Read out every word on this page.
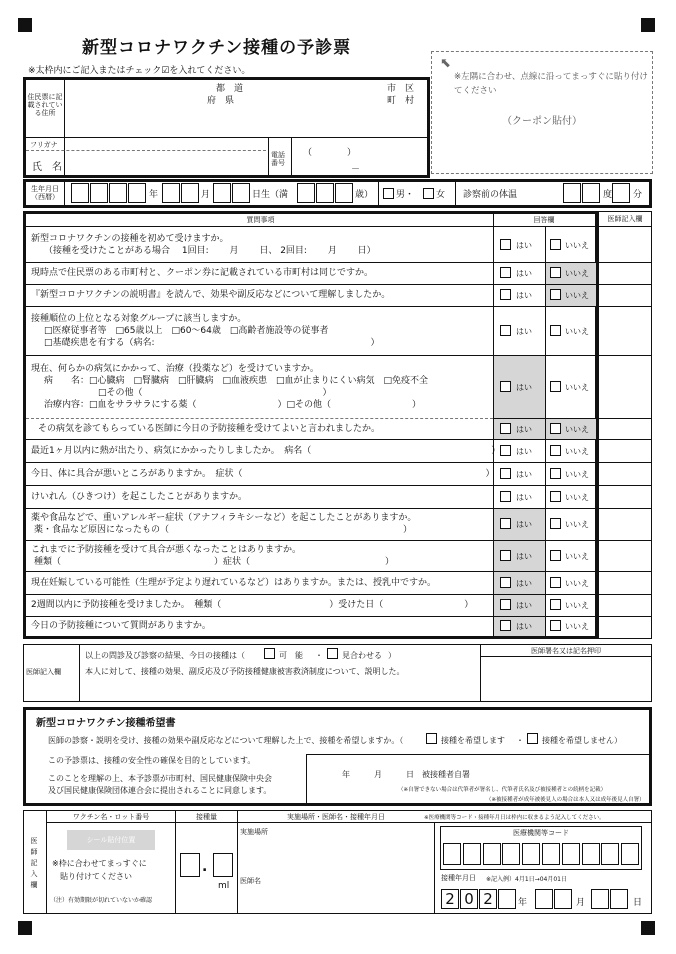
新型コロナワクチン接種の予診票
※太枠内にご記入またはチェック☑を入れてください。	⬉
※左隅に合わせ、点線に沿ってまっすぐに貼り付けてください
（クーポン貼付）
住民票に記載されている住所
都　道
府　県
市　区
町　村
フリガナ
氏　名
電話番号
（　　　）
－
生年月日（西暦）	年	月	日生（満	歳）	男・ 女 診察前の体温	度 分
医師記入欄
質問事項	回答欄
新型コロナワクチンの接種を初めて受けますか。
（接種を受けたことがある場合　 1回目:　　 月　　 日、 2回目:　　 月　　 日）
はい	いいえ
現時点で住民票のある市町村と、クーポン券に記載されている市町村は同じですか。	はい	いいえ
『新型コロナワクチンの説明書』を読んで、効果や副反応などについて理解しましたか。	はい	いいえ
接種順位の上位となる対象グループに該当しますか。
□医療従事者等　□65歳以上　□60～64歳　□高齢者施設等の従事者
□基礎疾患を有する（病名:　　　　　　　　　　　　　　　　　　　　　　　　）
はい	いいえ
現在、何らかの病気にかかって、治療（投薬など）を受けていますか。
病　　名：□心臓病　□腎臓病　□肝臓病　□血液疾患　□血が止まりにくい病気　□免疫不全
　　　　　　□その他（　　　　　　　　　　　　　　　　　　　　）
治療内容：□血をサラサラにする薬（　　　　　　　　　）□その他（　　　　　　　　　）
はい	いいえ
その病気を診てもらっている医師に今日の予防接種を受けてよいと言われましたか。	はい	いいえ
最近1ヶ月以内に熱が出たり、病気にかかったりしましたか。　病名（　　　　　　　　　　　　　　　　　　　　） はい	いいえ
今日、体に具合が悪いところがありますか。　症状（　　　　　　　　　　　　　　　　　　　　　　　　　　　）	はい	いいえ
けいれん（ひきつけ）を起こしたことがありますか。	はい	いいえ
薬や食品などで、重いアレルギー症状（アナフィラキシーなど）を起こしたことがありますか。
薬・食品など原因になったもの（　　　　　　　　　　　　　　　　　　　　　　　　　　）
はい	いいえ
これまでに予防接種を受けて具合が悪くなったことはありますか。
種類（　　　　　　　　　　　　　　　　　）症状（　　　　　　　　　　　　　　　）
はい	いいえ
現在妊娠している可能性（生理が予定より遅れているなど）はありますか。または、授乳中ですか。	はい	いいえ
2週間以内に予防接種を受けましたか。　種類（　　　　　　　　　　　　）受けた日（　　　　　　　　　）	はい	いいえ
今日の予防接種について質問がありますか。	はい	いいえ
医師記入欄
以上の問診及び診察の結果、今日の接種は（	可　能 ・ 見合わせる ）
本人に対して、接種の効果、副反応及び予防接種健康被害救済制度について、説明した。
医師署名又は記名押印
新型コロナワクチン接種希望書
医師の診察・説明を受け、接種の効果や副反応などについて理解した上で、接種を希望しますか。（	接種を希望します ・ 接種を希望しません）
この予診票は、接種の安全性の確保を目的としています。
このことを理解の上、本予診票が市町村、国民健康保険中央会
及び国民健康保険団体連合会に提出されることに同意します。
年　　　月　　　日　被接種者自署
（※自署できない場合は代筆者が署名し、代筆者氏名及び被接種者との続柄を記載）
（※被接種者が成年被後見人の場合は本人又は成年後見人自署）
医師記入欄
ワクチン名・ロット番号	接種量	実施場所・医師名・接種年月日	※医療機関等コード・接種年月日は枠内に収まるよう記入してください。
シール貼付位置
※枠に合わせてまっすぐに
貼り付けてください
（注）有効期限が切れていないか確認
.
ml
実施場所
医師名
医療機関等コード
接種年月日 ※記入例）4月1日→04月01日
2 0 2	年	月	日
